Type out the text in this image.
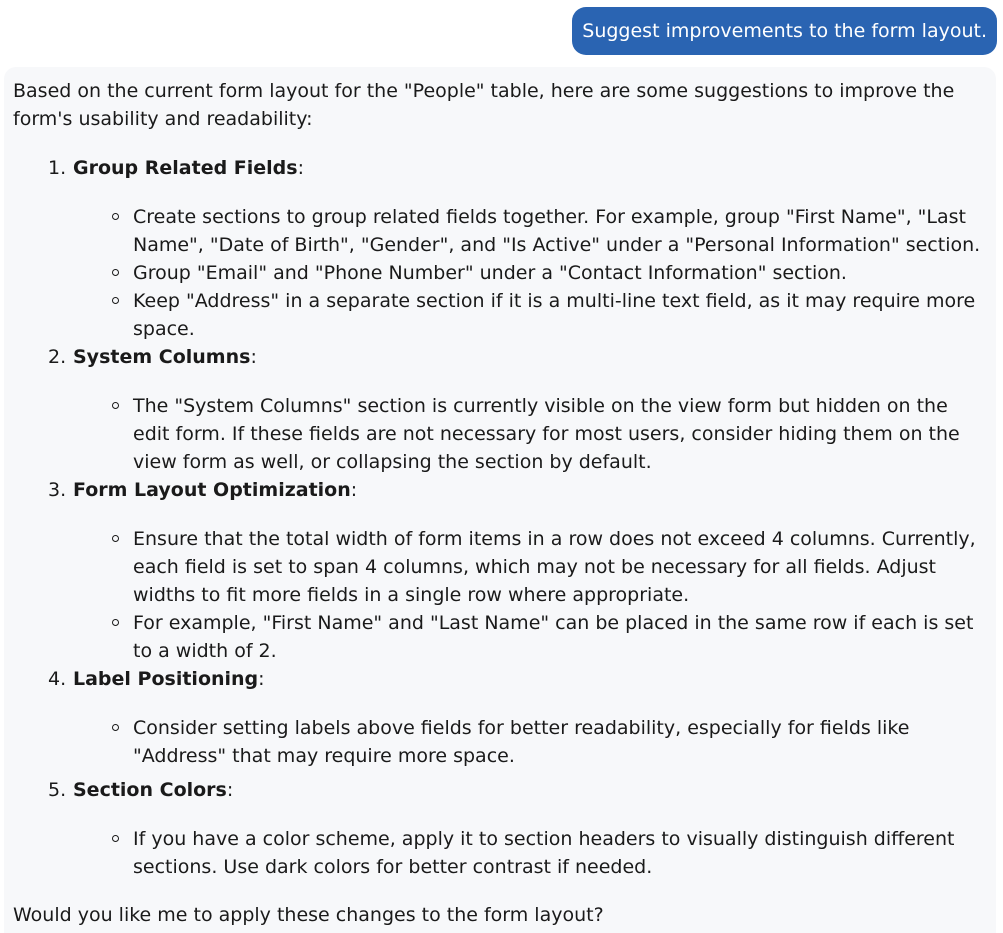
Suggest improvements to the form layout.

Based on the current form layout for the "People" table, here are some suggestions to improve the form's usability and readability:

1. Group Related Fields:
Create sections to group related fields together. For example, group "First Name", "Last Name", "Date of Birth", "Gender", and "Is Active" under a "Personal Information" section.
Group "Email" and "Phone Number" under a "Contact Information" section.
Keep "Address" in a separate section if it is a multi-line text field, as it may require more space.
2. System Columns:
The "System Columns" section is currently visible on the view form but hidden on the edit form. If these fields are not necessary for most users, consider hiding them on the view form as well, or collapsing the section by default.
3. Form Layout Optimization:
Ensure that the total width of form items in a row does not exceed 4 columns. Currently, each field is set to span 4 columns, which may not be necessary for all fields. Adjust widths to fit more fields in a single row where appropriate.
For example, "First Name" and "Last Name" can be placed in the same row if each is set to a width of 2.
4. Label Positioning:
Consider setting labels above fields for better readability, especially for fields like "Address" that may require more space.
5. Section Colors:
If you have a color scheme, apply it to section headers to visually distinguish different sections. Use dark colors for better contrast if needed.

Would you like me to apply these changes to the form layout?
